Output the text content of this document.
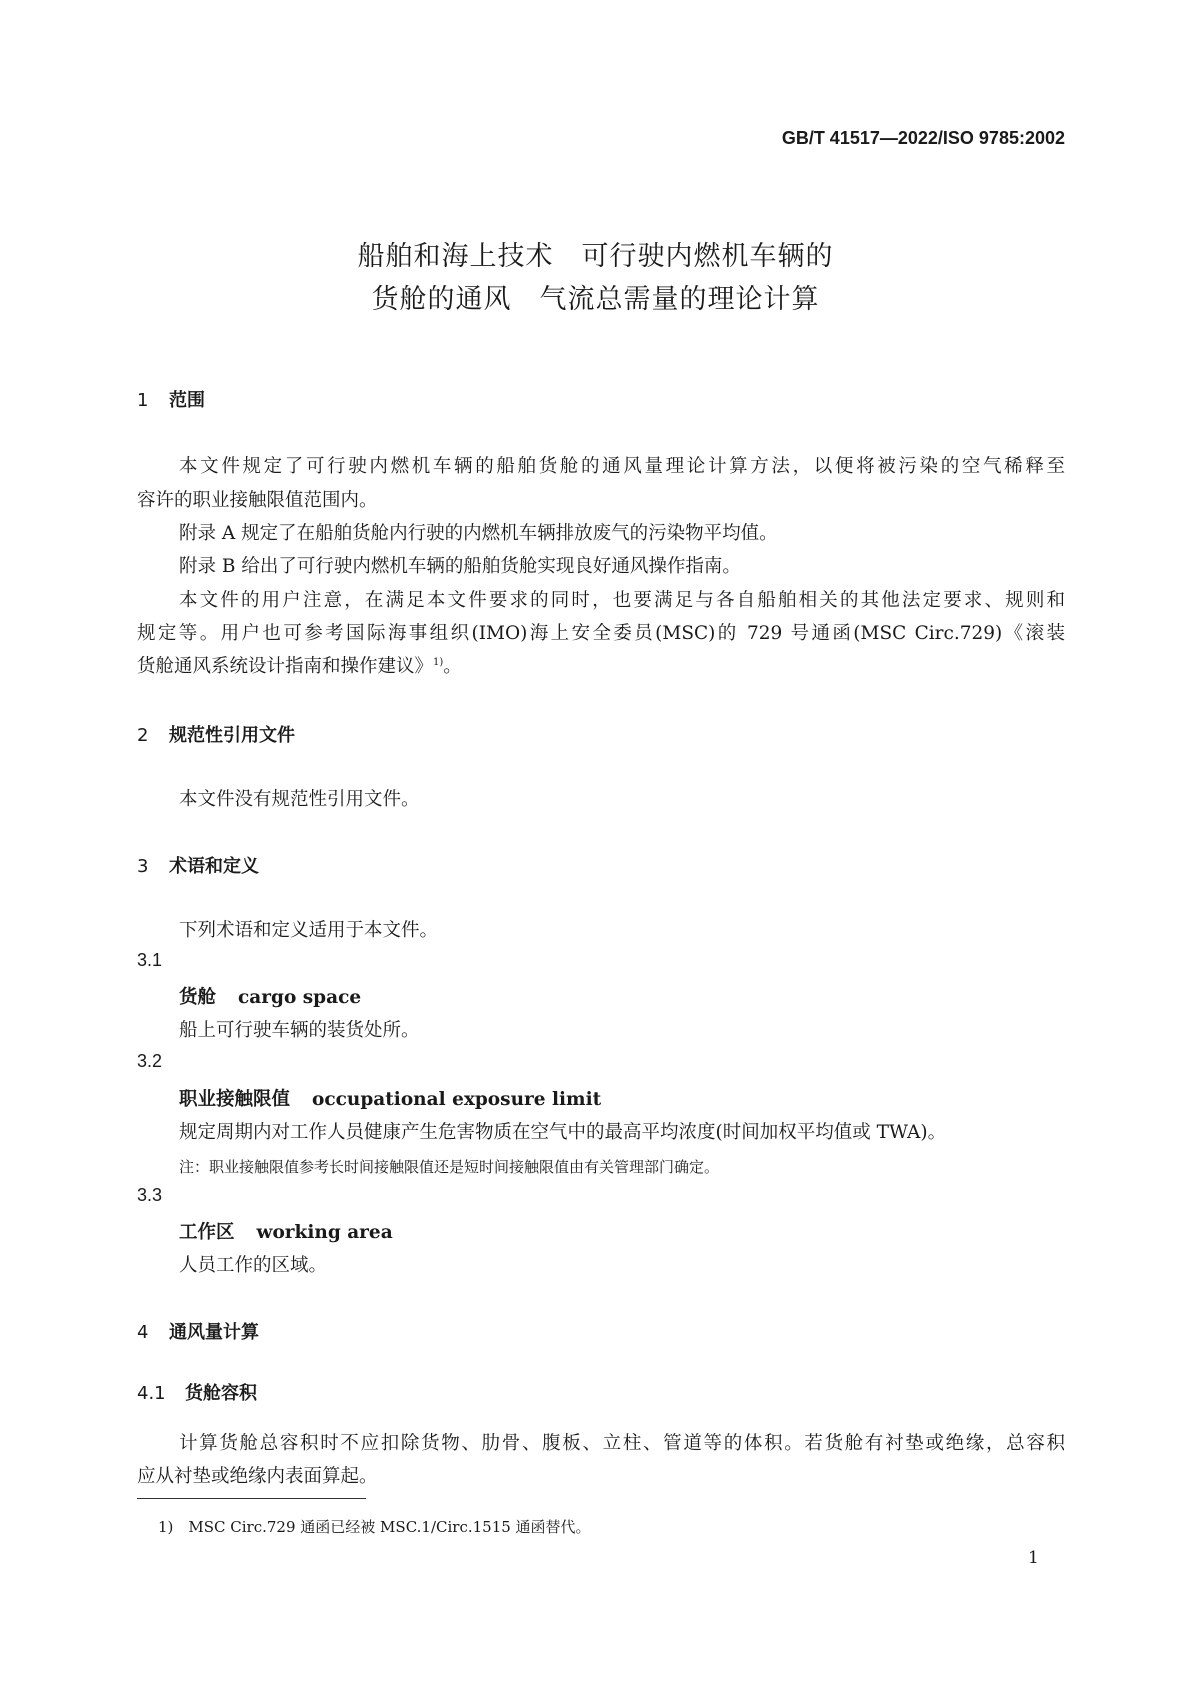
GB/T 41517—2022/ISO 9785:2002
船舶和海上技术　可行驶内燃机车辆的
货舱的通风　气流总需量的理论计算
1 范围
本文件规定了可行驶内燃机车辆的船舶货舱的通风量理论计算方法，以便将被污染的空气稀释至
容许的职业接触限值范围内。
附录 A 规定了在船舶货舱内行驶的内燃机车辆排放废气的污染物平均值。
附录 B 给出了可行驶内燃机车辆的船舶货舱实现良好通风操作指南。
本文件的用户注意，在满足本文件要求的同时，也要满足与各自船舶相关的其他法定要求、规则和
规定等。用户也可参考国际海事组织(IMO)海上安全委员(MSC)的 729 号通函(MSC Circ.729)《滚装
货舱通风系统设计指南和操作建议》$^{1)}$。
2 规范性引用文件
本文件没有规范性引用文件。
3 术语和定义
下列术语和定义适用于本文件。
3.1
货舱 cargo space
船上可行驶车辆的装货处所。
3.2
职业接触限值 occupational exposure limit
规定周期内对工作人员健康产生危害物质在空气中的最高平均浓度(时间加权平均值或 TWA)。
注：职业接触限值参考长时间接触限值还是短时间接触限值由有关管理部门确定。
3.3
工作区 working area
人员工作的区域。
4 通风量计算
4.1 货舱容积
计算货舱总容积时不应扣除货物、肋骨、腹板、立柱、管道等的体积。若货舱有衬垫或绝缘，总容积
应从衬垫或绝缘内表面算起。
1)　MSC Circ.729 通函已经被 MSC.1/Circ.1515 通函替代。
1
